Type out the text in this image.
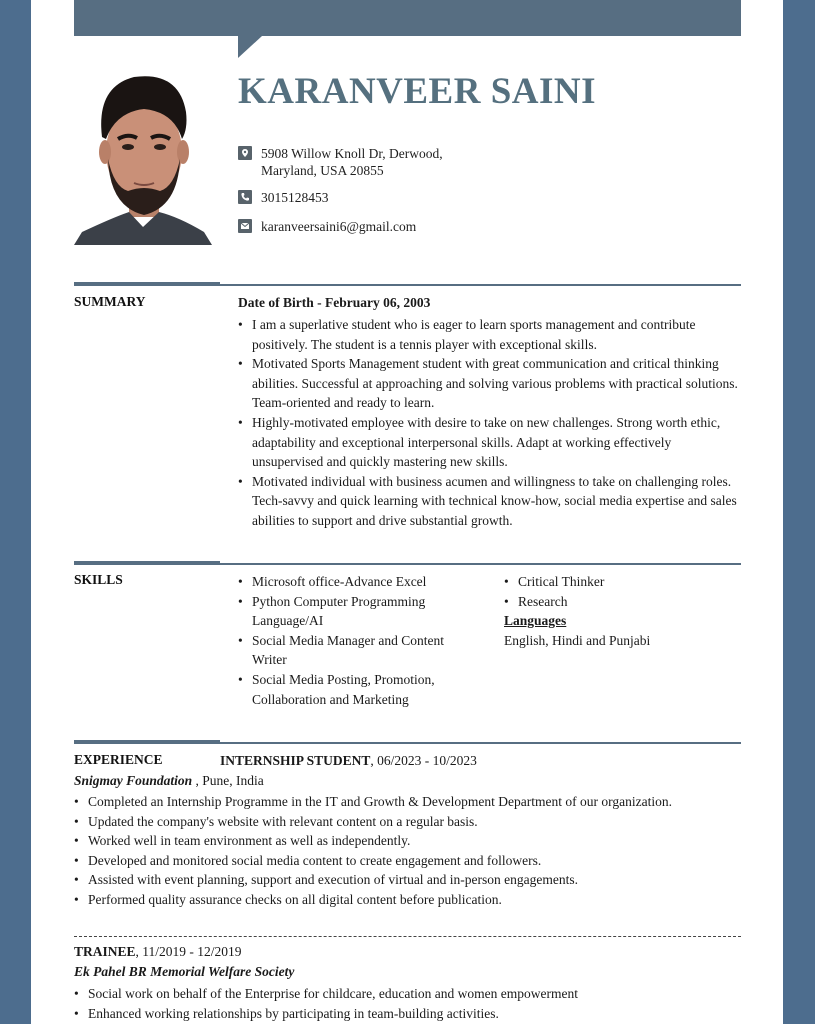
KARANVEER SAINI
5908 Willow Knoll Dr, Derwood,
Maryland, USA 20855
3015128453
karanveersaini6@gmail.com
SUMMARY	Date of Birth - February 06, 2003
• I am a superlative student who is eager to learn sports management and contribute positively. The student is a tennis player with exceptional skills.
• Motivated Sports Management student with great communication and critical thinking abilities. Successful at approaching and solving various problems with practical solutions. Team-oriented and ready to learn.
• Highly-motivated employee with desire to take on new challenges. Strong worth ethic, adaptability and exceptional interpersonal skills. Adapt at working effectively unsupervised and quickly mastering new skills.
• Motivated individual with business acumen and willingness to take on challenging roles. Tech-savvy and quick learning with technical know-how, social media expertise and sales abilities to support and drive substantial growth.
SKILLS
•	Microsoft office-Advance Excel
• Python Computer Programming Language/AI
• Social Media Manager and Content Writer
• Social Media Posting, Promotion, Collaboration and Marketing
• Critical Thinker
• Research
Languages
English, Hindi and Punjabi
EXPERIENCE	INTERNSHIP STUDENT, 06/2023 - 10/2023
Snigmay Foundation , Pune, India
• Completed an Internship Programme in the IT and Growth & Development Department of our organization.
• Updated the company's website with relevant content on a regular basis.
• Worked well in team environment as well as independently.
• Developed and monitored social media content to create engagement and followers.
• Assisted with event planning, support and execution of virtual and in-person engagements.
• Performed quality assurance checks on all digital content before publication.
TRAINEE, 11/2019 - 12/2019
Ek Pahel BR Memorial Welfare Society
• Social work on behalf of the Enterprise for childcare, education and women empowerment
• Enhanced working relationships by participating in team-building activities.
